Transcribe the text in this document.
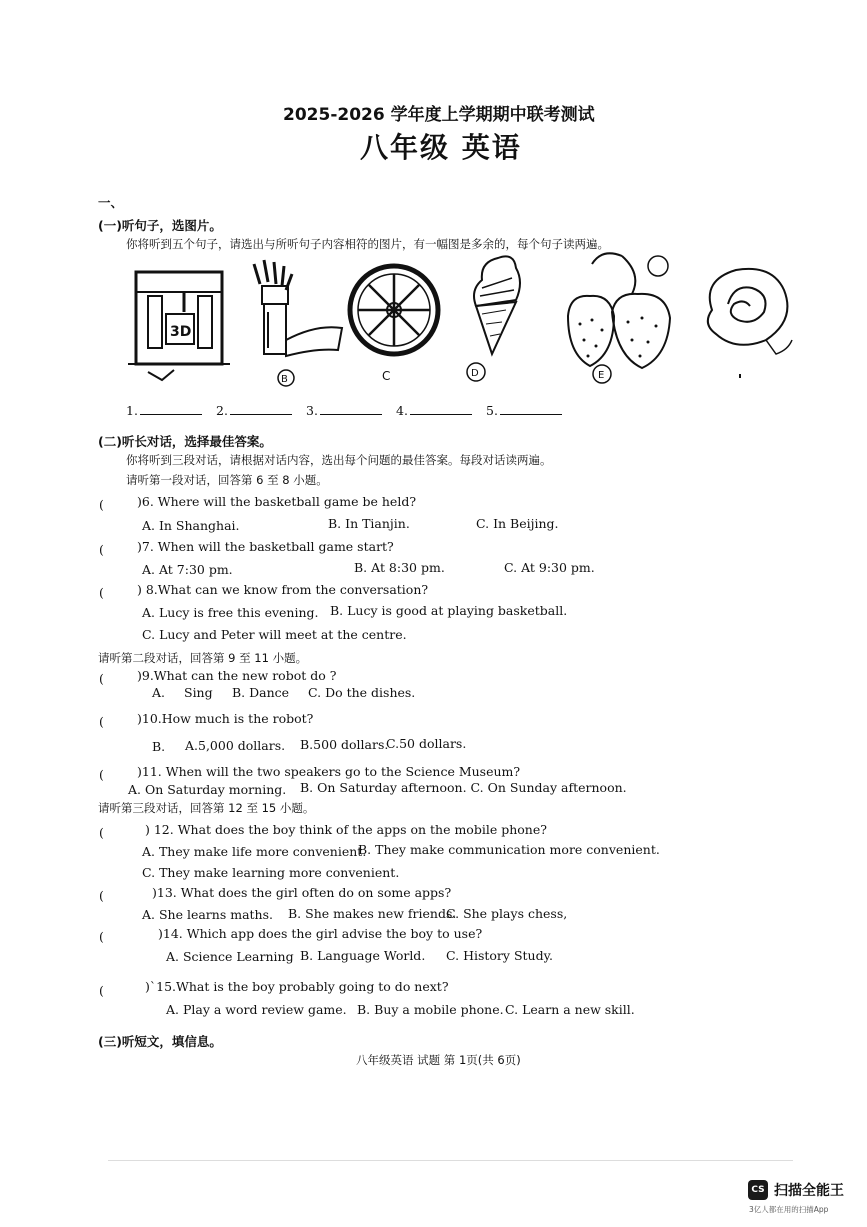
2025-2026 学年度上学期期中联考测试
八年级 英语
一、
(一)听句子，选图片。
你将听到五个句子，请选出与所听句子内容相符的图片，有一幅图是多余的，每个句子读两遍。
3D
B	C	D	E
1.	2.	3.	4.	5.
(二)听长对话，选择最佳答案。
你将听到三段对话，请根据对话内容，选出每个问题的最佳答案。每段对话读两遍。
请听第一段对话，回答第 6 至 8 小题。
(	)6. Where will the basketball game be held?
A. In Shanghai.	B. In Tianjin.	C. In Beijing.
(	)7. When will the basketball game start?
A. At 7:30 pm.	B. At 8:30 pm.	C. At 9:30 pm.
(	) 8.What can we know from the conversation?
A. Lucy is free this evening. B. Lucy is good at playing basketball.
C. Lucy and Peter will meet at the centre.
请听第二段对话，回答第 9 至 11 小题。
(	)9.What can the new robot do ?
A. Sing B. Dance C. Do the dishes.
(	)10.How much is the robot?
B. A.5,000 dollars. B.500 dollars.
C.50 dollars.
(	)11. When will the two speakers go to the Science Museum?
A. On Saturday morning. B. On Saturday afternoon. C. On Sunday afternoon.
请听第三段对话，回答第 12 至 15 小题。
(	) 12. What does the boy think of the apps on the mobile phone?
A. They make life more convenient.
B. They make communication more convenient.
C. They make learning more convenient.
(	)13. What does the girl often do on some apps?
A. She learns maths. B. She makes new friends.
C. She plays chess,
(	)14. Which app does the girl advise the boy to use?
A. Science Learning B. Language World. C. History Study.
(	)`15.What is the boy probably going to do next?
A. Play a word review game. B. Buy a mobile phone. C. Learn a new skill.
(三)听短文，填信息。
八年级英语 试题 第 1页(共 6页)
CS 扫描全能王
3亿人都在用的扫描App
